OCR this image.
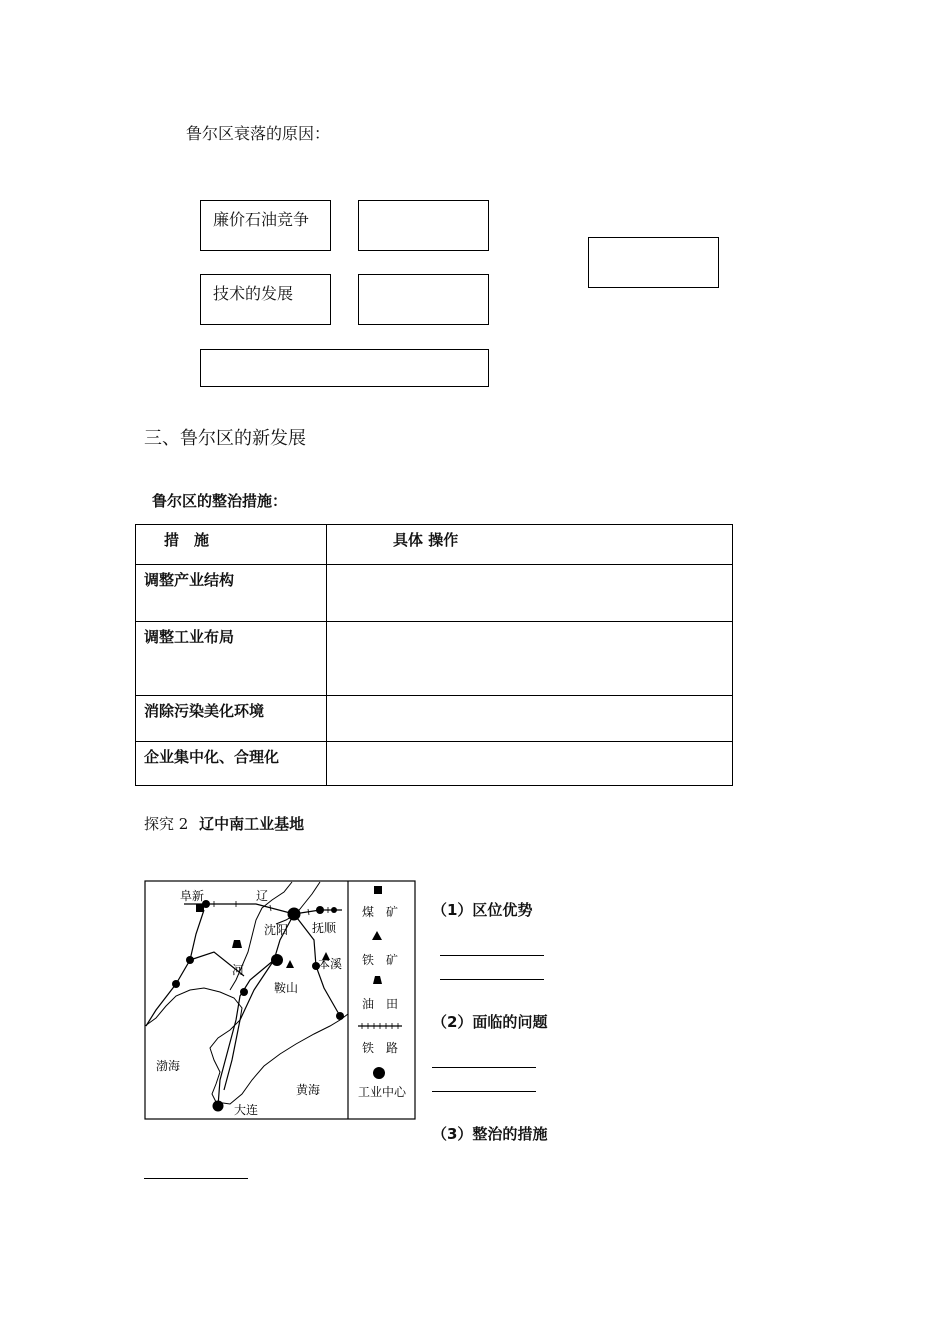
鲁尔区衰落的原因：
廉价石油竞争
技术的发展
三、鲁尔区的新发展
鲁尔区的整治措施：
措　施	具体 操作
调整产业结构	
调整工业布局	
消除污染美化环境	
企业集中化、合理化	
探究 2 辽中南工业基地
阜新	辽
沈阳 抚顺
河
鞍山
本溪
渤海
黄海
大连
煤　矿
铁　矿
油　田
铁　路
工业中心
（1）区位优势
（2）面临的问题
（3）整治的措施
